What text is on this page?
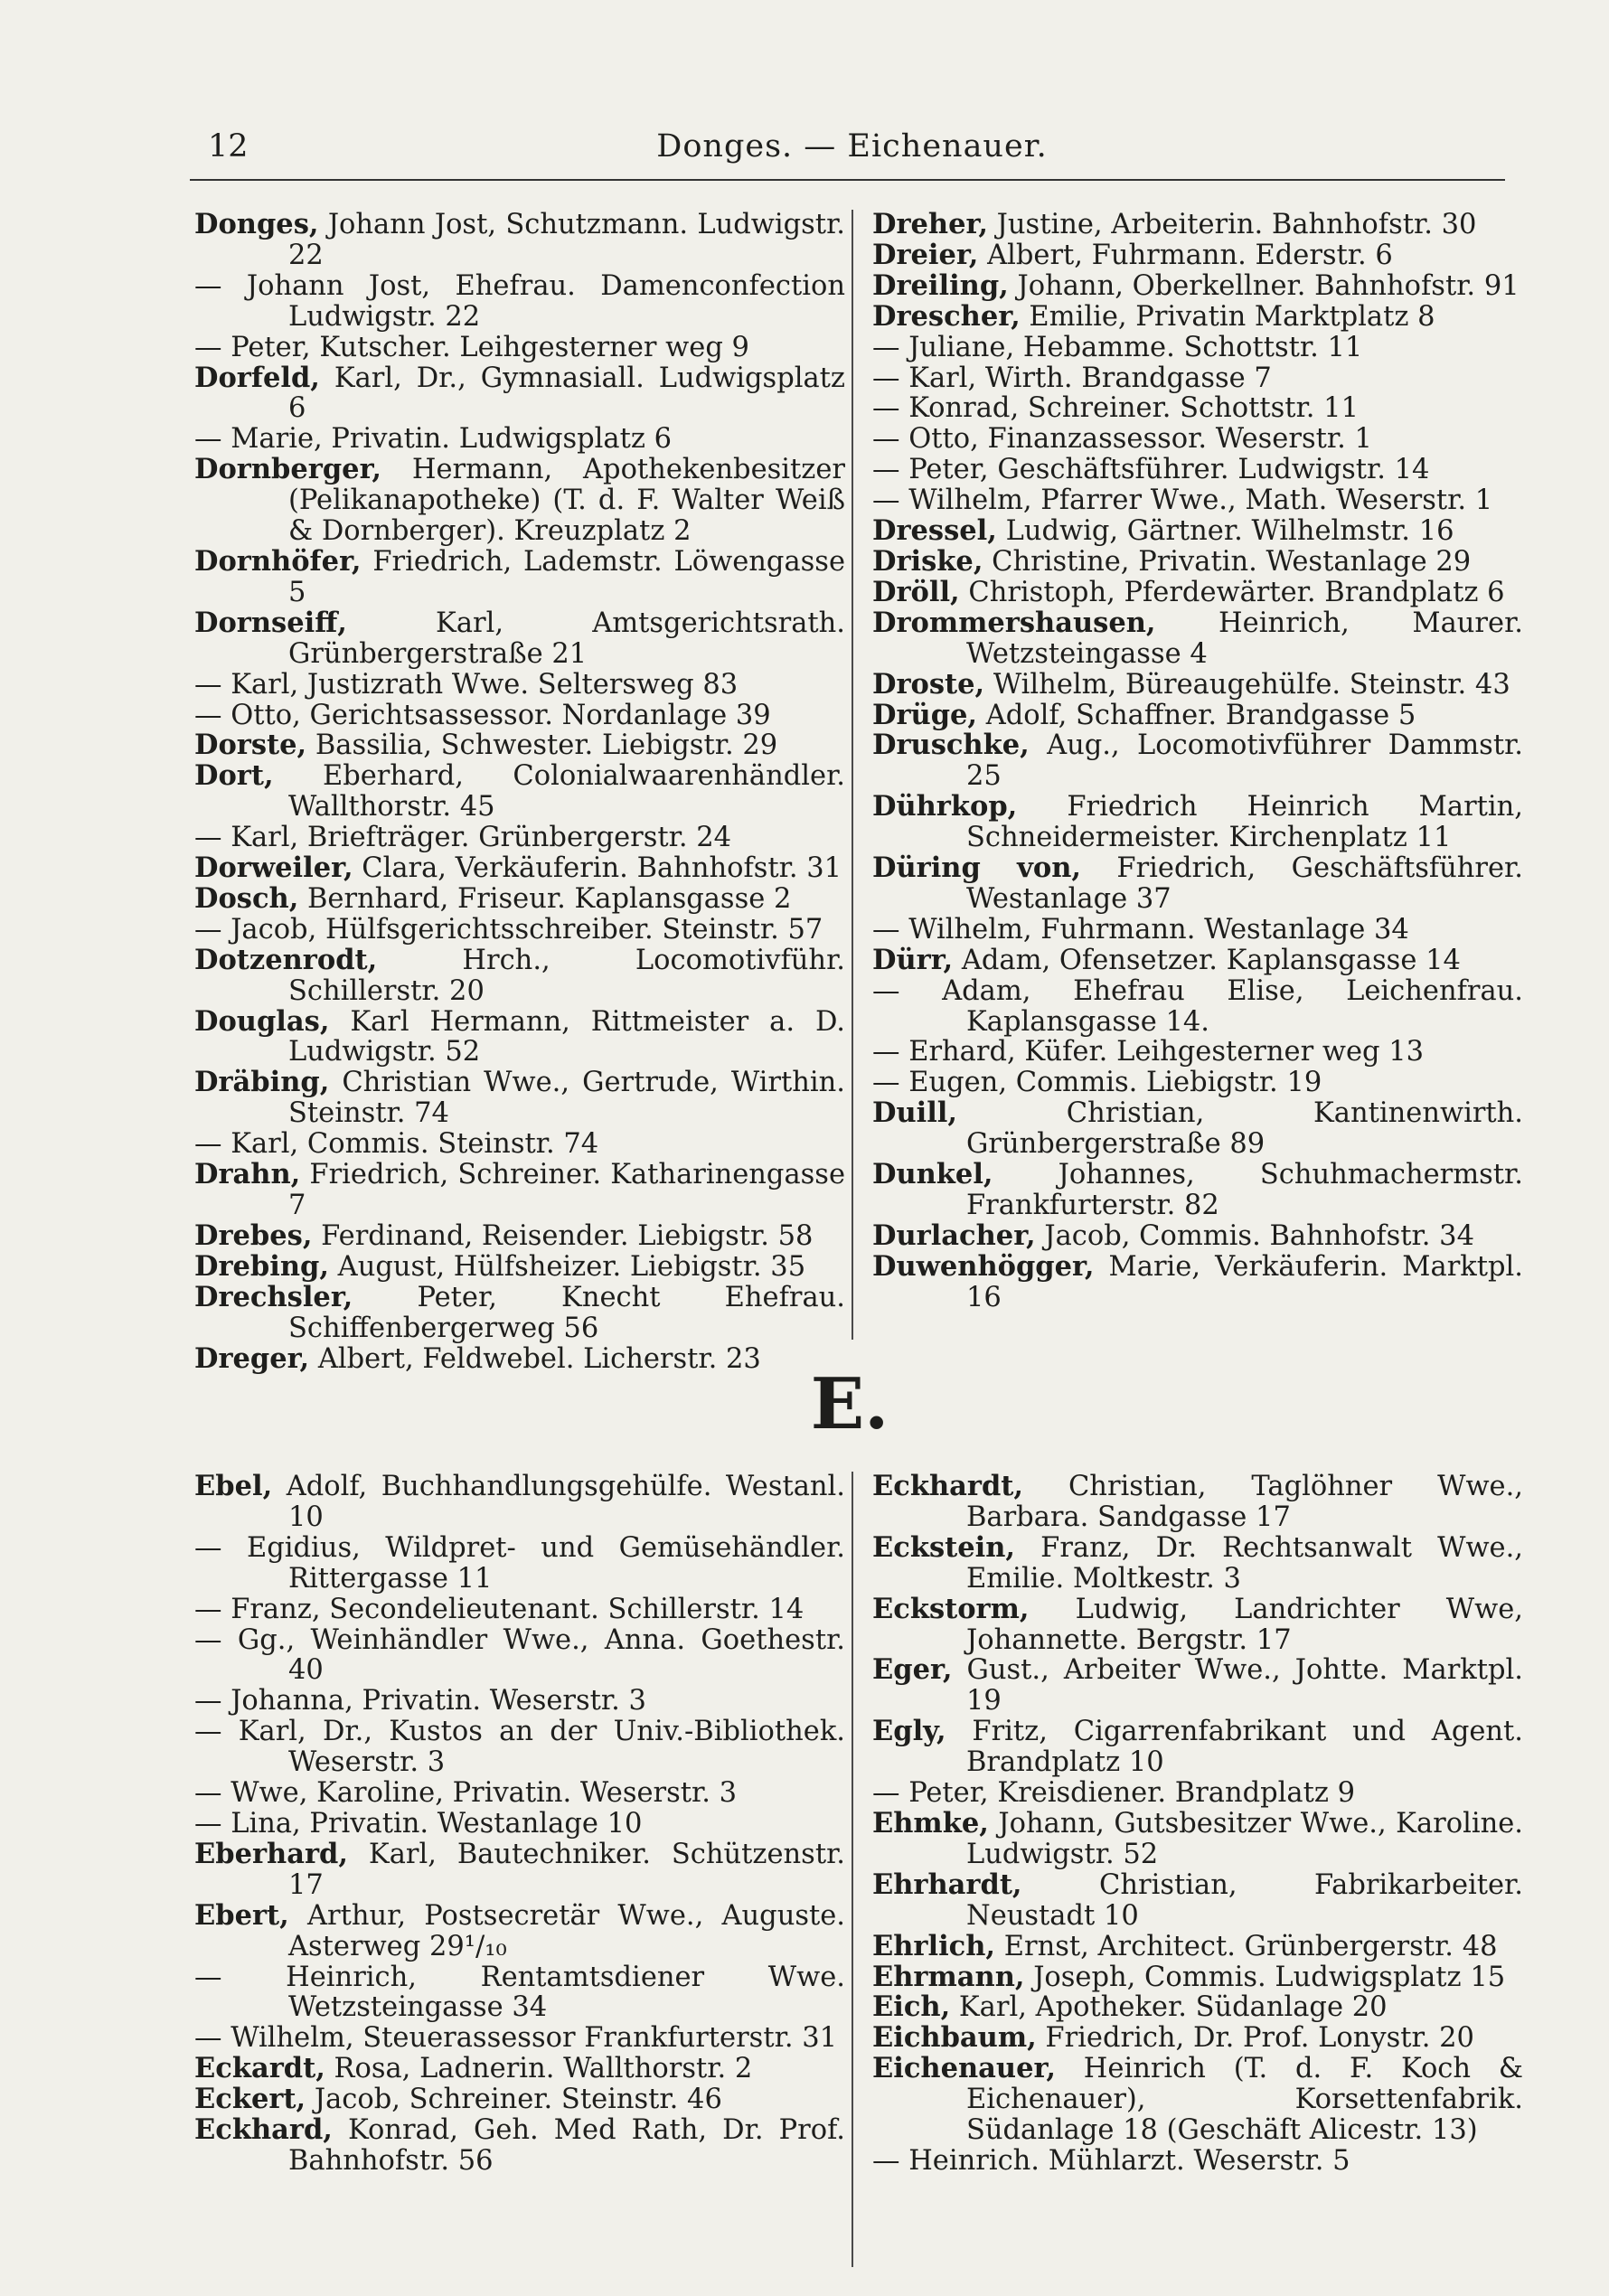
12	Donges. — Eichenauer.

Donges, Johann Jost, Schutzmann. Ludwigstr. 22

— Johann Jost, Ehefrau. Damenconfection Ludwigstr. 22

— Peter, Kutscher. Leihgesterner weg 9

Dorfeld, Karl, Dr., Gymnasiall. Ludwigsplatz 6

— Marie, Privatin. Ludwigsplatz 6

Dornberger, Hermann, Apothekenbesitzer (Pelikanapotheke) (T. d. F. Walter Weiß & Dornberger). Kreuzplatz 2

Dornhöfer, Friedrich, Lademstr. Löwengasse 5

Dornseiff, Karl, Amtsgerichtsrath. Grünbergerstraße 21

— Karl, Justizrath Wwe. Seltersweg 83

— Otto, Gerichtsassessor. Nordanlage 39

Dorste, Bassilia, Schwester. Liebigstr. 29

Dort, Eberhard, Colonialwaarenhändler. Wallthorstr. 45

— Karl, Briefträger. Grünbergerstr. 24

Dorweiler, Clara, Verkäuferin. Bahnhofstr. 31

Dosch, Bernhard, Friseur. Kaplansgasse 2

— Jacob, Hülfsgerichtsschreiber. Steinstr. 57

Dotzenrodt, Hrch., Locomotivführ. Schillerstr. 20

Douglas, Karl Hermann, Rittmeister a. D. Ludwigstr. 52

Dräbing, Christian Wwe., Gertrude, Wirthin. Steinstr. 74

— Karl, Commis. Steinstr. 74

Drahn, Friedrich, Schreiner. Katharinengasse 7

Drebes, Ferdinand, Reisender. Liebigstr. 58

Drebing, August, Hülfsheizer. Liebigstr. 35

Drechsler, Peter, Knecht Ehefrau. Schiffenbergerweg 56

Dreger, Albert, Feldwebel. Licherstr. 23

Dreher, Justine, Arbeiterin. Bahnhofstr. 30

Dreier, Albert, Fuhrmann. Ederstr. 6

Dreiling, Johann, Oberkellner. Bahnhofstr. 91

Drescher, Emilie, Privatin Marktplatz 8

— Juliane, Hebamme. Schottstr. 11

— Karl, Wirth. Brandgasse 7

— Konrad, Schreiner. Schottstr. 11

— Otto, Finanzassessor. Weserstr. 1

— Peter, Geschäftsführer. Ludwigstr. 14

— Wilhelm, Pfarrer Wwe., Math. Weserstr. 1

Dressel, Ludwig, Gärtner. Wilhelmstr. 16

Driske, Christine, Privatin. Westanlage 29

Dröll, Christoph, Pferdewärter. Brandplatz 6

Drommershausen, Heinrich, Maurer. Wetzsteingasse 4

Droste, Wilhelm, Büreaugehülfe. Steinstr. 43

Drüge, Adolf, Schaffner. Brandgasse 5

Druschke, Aug., Locomotivführer Dammstr. 25

Dührkop, Friedrich Heinrich Martin, Schneidermeister. Kirchenplatz 11

Düring von, Friedrich, Geschäftsführer. Westanlage 37

— Wilhelm, Fuhrmann. Westanlage 34

Dürr, Adam, Ofensetzer. Kaplansgasse 14

— Adam, Ehefrau Elise, Leichenfrau. Kaplansgasse 14.

— Erhard, Küfer. Leihgesterner weg 13

— Eugen, Commis. Liebigstr. 19

Duill, Christian, Kantinenwirth. Grünbergerstraße 89

Dunkel, Johannes, Schuhmachermstr. Frankfurterstr. 82

Durlacher, Jacob, Commis. Bahnhofstr. 34

Duwenhögger, Marie, Verkäuferin. Marktpl. 16

E.

Ebel, Adolf, Buchhandlungsgehülfe. Westanl. 10

— Egidius, Wildpret- und Gemüsehändler. Rittergasse 11

— Franz, Secondelieutenant. Schillerstr. 14

— Gg., Weinhändler Wwe., Anna. Goethestr. 40

— Johanna, Privatin. Weserstr. 3

— Karl, Dr., Kustos an der Univ.-Bibliothek. Weserstr. 3

— Wwe, Karoline, Privatin. Weserstr. 3

— Lina, Privatin. Westanlage 10

Eberhard, Karl, Bautechniker. Schützenstr. 17

Ebert, Arthur, Postsecretär Wwe., Auguste. Asterweg 29¹/₁₀

— Heinrich, Rentamtsdiener Wwe. Wetzsteingasse 34

— Wilhelm, Steuerassessor Frankfurterstr. 31

Eckardt, Rosa, Ladnerin. Wallthorstr. 2

Eckert, Jacob, Schreiner. Steinstr. 46

Eckhard, Konrad, Geh. Med Rath, Dr. Prof. Bahnhofstr. 56

Eckhardt, Christian, Taglöhner Wwe., Barbara. Sandgasse 17

Eckstein, Franz, Dr. Rechtsanwalt Wwe., Emilie. Moltkestr. 3

Eckstorm, Ludwig, Landrichter Wwe, Johannette. Bergstr. 17

Eger, Gust., Arbeiter Wwe., Johtte. Marktpl. 19

Egly, Fritz, Cigarrenfabrikant und Agent. Brandplatz 10

— Peter, Kreisdiener. Brandplatz 9

Ehmke, Johann, Gutsbesitzer Wwe., Karoline. Ludwigstr. 52

Ehrhardt, Christian, Fabrikarbeiter. Neustadt 10

Ehrlich, Ernst, Architect. Grünbergerstr. 48

Ehrmann, Joseph, Commis. Ludwigsplatz 15

Eich, Karl, Apotheker. Südanlage 20

Eichbaum, Friedrich, Dr. Prof. Lonystr. 20

Eichenauer, Heinrich (T. d. F. Koch & Eichenauer), Korsettenfabrik. Südanlage 18 (Geschäft Alicestr. 13)

— Heinrich. Mühlarzt. Weserstr. 5
